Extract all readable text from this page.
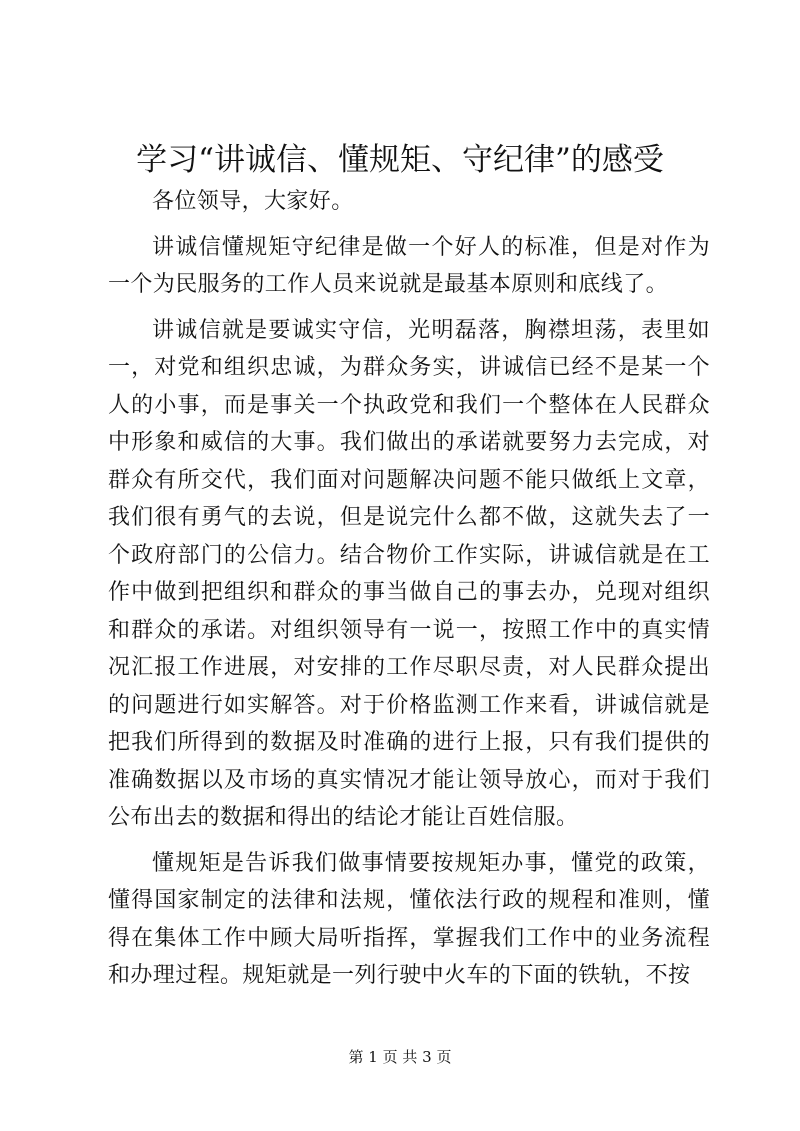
学习“讲诚信、懂规矩、守纪律”的感受

各位领导，大家好。

讲诚信懂规矩守纪律是做一个好人的标准，但是对作为一个为民服务的工作人员来说就是最基本原则和底线了。

讲诚信就是要诚实守信，光明磊落，胸襟坦荡，表里如一，对党和组织忠诚，为群众务实，讲诚信已经不是某一个人的小事，而是事关一个执政党和我们一个整体在人民群众中形象和威信的大事。我们做出的承诺就要努力去完成，对群众有所交代，我们面对问题解决问题不能只做纸上文章，我们很有勇气的去说，但是说完什么都不做，这就失去了一个政府部门的公信力。结合物价工作实际，讲诚信就是在工作中做到把组织和群众的事当做自己的事去办，兑现对组织和群众的承诺。对组织领导有一说一，按照工作中的真实情况汇报工作进展，对安排的工作尽职尽责，对人民群众提出的问题进行如实解答。对于价格监测工作来看，讲诚信就是把我们所得到的数据及时准确的进行上报，只有我们提供的准确数据以及市场的真实情况才能让领导放心，而对于我们公布出去的数据和得出的结论才能让百姓信服。

懂规矩是告诉我们做事情要按规矩办事，懂党的政策，懂得国家制定的法律和法规，懂依法行政的规程和准则，懂得在集体工作中顾大局听指挥，掌握我们工作中的业务流程和办理过程。规矩就是一列行驶中火车的下面的铁轨，不按

第 1 页 共 3 页
